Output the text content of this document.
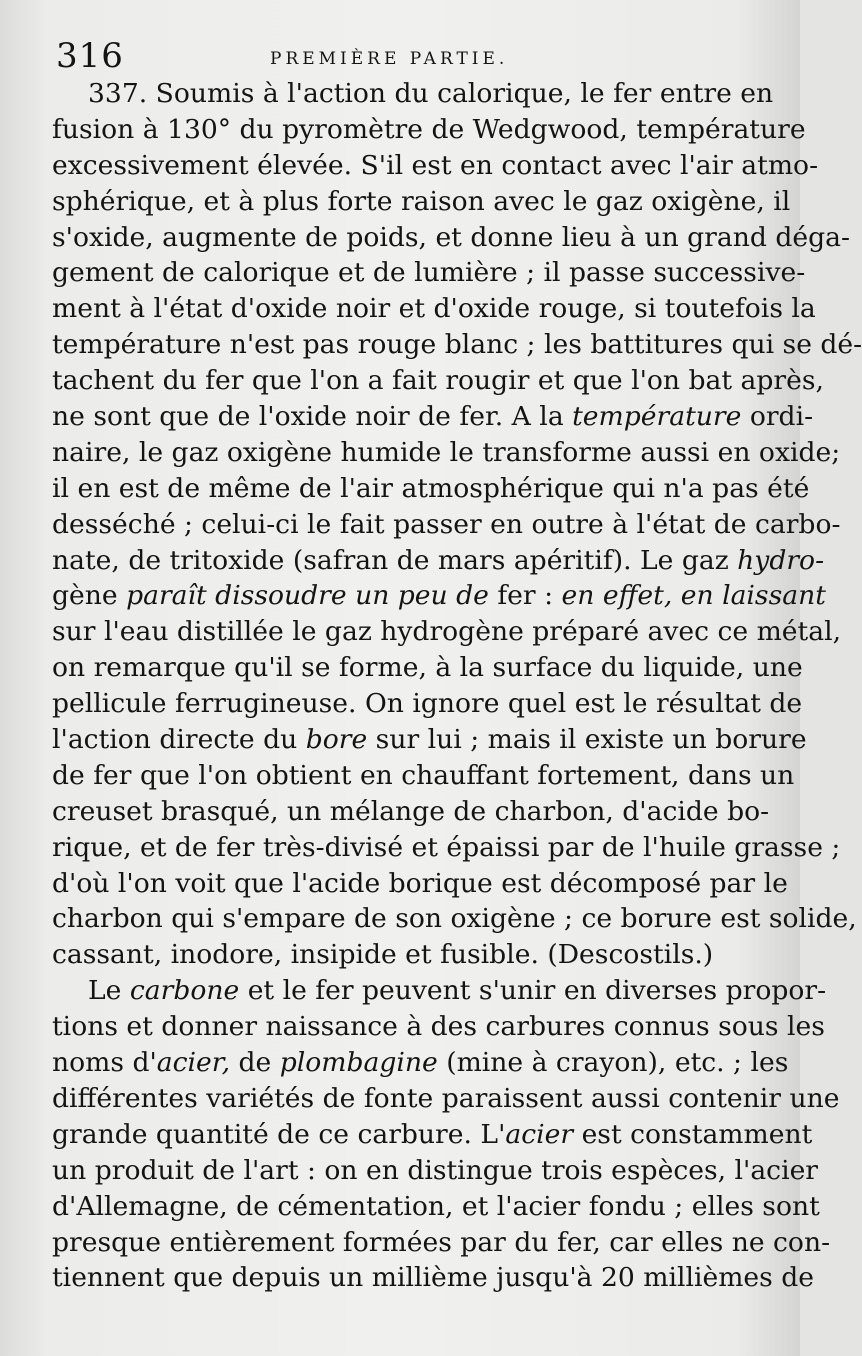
316	PREMIÈRE PARTIE.

337. Soumis à l'action du calorique, le fer entre en
fusion à 130° du pyromètre de Wedgwood, température
excessivement élevée. S'il est en contact avec l'air atmo-
sphérique, et à plus forte raison avec le gaz oxigène, il
s'oxide, augmente de poids, et donne lieu à un grand déga-
gement de calorique et de lumière ; il passe successive-
ment à l'état d'oxide noir et d'oxide rouge, si toutefois la
température n'est pas rouge blanc ; les battitures qui se dé-
tachent du fer que l'on a fait rougir et que l'on bat après,
ne sont que de l'oxide noir de fer. A la température ordi-
naire, le gaz oxigène humide le transforme aussi en oxide;
il en est de même de l'air atmosphérique qui n'a pas été
desséché ; celui-ci le fait passer en outre à l'état de carbo-
nate, de tritoxide (safran de mars apéritif). Le gaz hydro-
gène paraît dissoudre un peu de fer : en effet, en laissant
sur l'eau distillée le gaz hydrogène préparé avec ce métal,
on remarque qu'il se forme, à la surface du liquide, une
pellicule ferrugineuse. On ignore quel est le résultat de
l'action directe du bore sur lui ; mais il existe un borure
de fer que l'on obtient en chauffant fortement, dans un
creuset brasqué, un mélange de charbon, d'acide bo-
rique, et de fer très-divisé et épaissi par de l'huile grasse ;
d'où l'on voit que l'acide borique est décomposé par le
charbon qui s'empare de son oxigène ; ce borure est solide,
cassant, inodore, insipide et fusible. (Descostils.)

Le carbone et le fer peuvent s'unir en diverses propor-
tions et donner naissance à des carbures connus sous les
noms d'acier, de plombagine (mine à crayon), etc. ; les
différentes variétés de fonte paraissent aussi contenir une
grande quantité de ce carbure. L'acier est constamment
un produit de l'art : on en distingue trois espèces, l'acier
d'Allemagne, de cémentation, et l'acier fondu ; elles sont
presque entièrement formées par du fer, car elles ne con-
tiennent que depuis un millième jusqu'à 20 millièmes de
